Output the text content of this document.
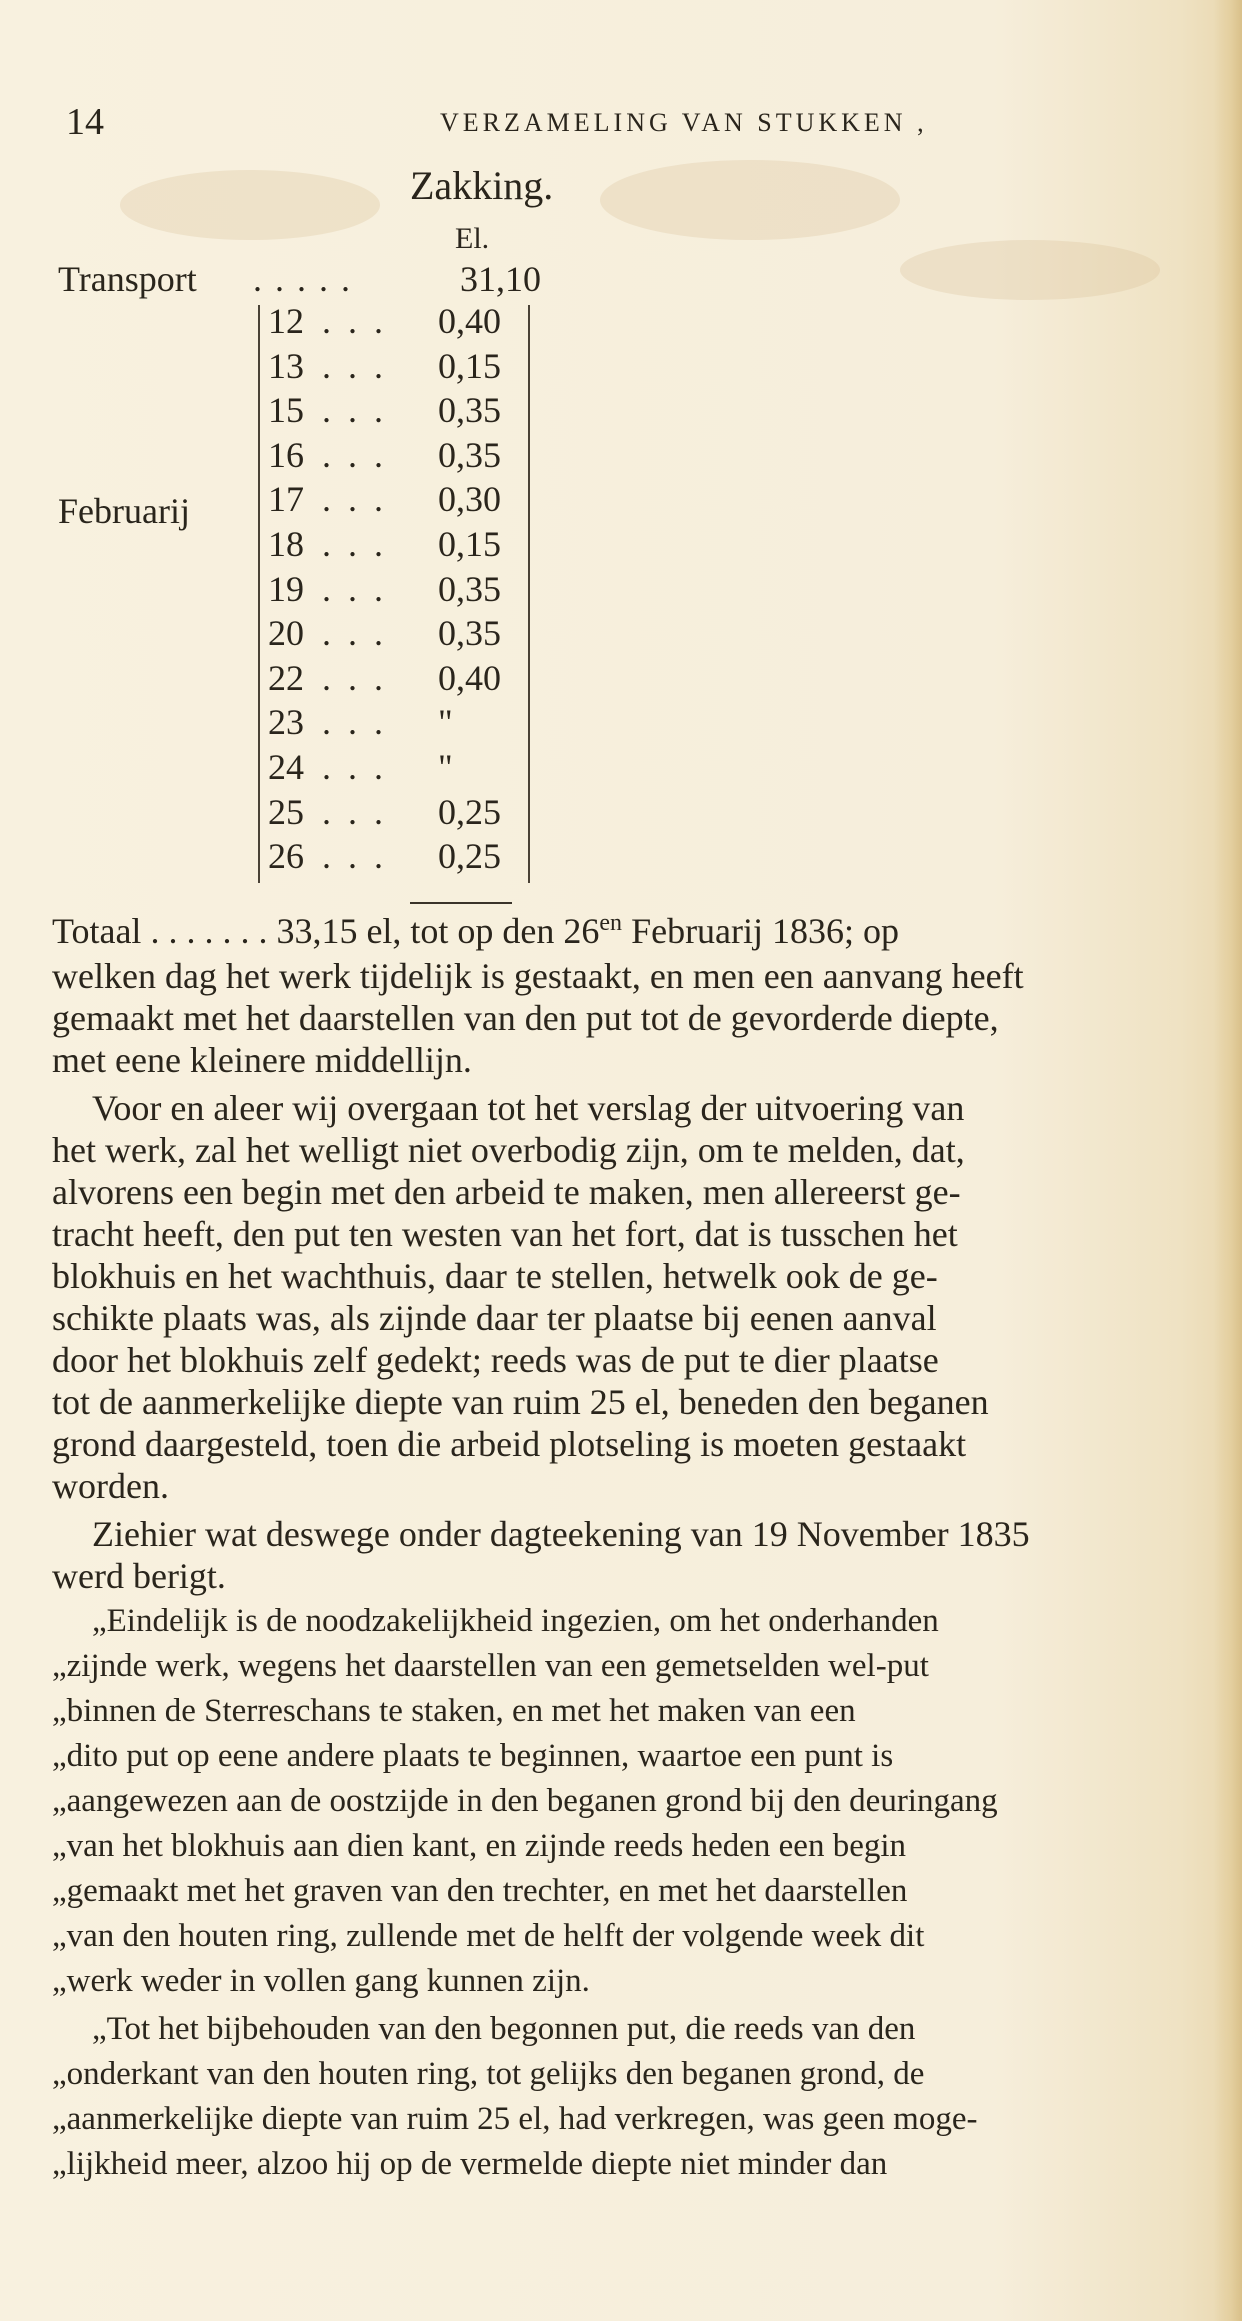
14	VERZAMELING VAN STUKKEN ,
Zakking.
El.

Transport

. . . . .

	31,10

Februarij
12 . . . 0,40
13 . . . 0,15
15 . . . 0,35
16 . . . 0,35
17 . . . 0,30
18 . . . 0,15
19 . . . 0,35
20 . . . 0,35
22 . . . 0,40
23 . . . "
24 . . . "
25 . . . 0,25
26 . . . 0,25
Totaal . . . . . . . 33,15 el, tot op den $26^{en}$ Februarij 1836; op
welken dag het werk tijdelijk is gestaakt, en men een aanvang heeft
gemaakt met het daarstellen van den put tot de gevorderde diepte,
met eene kleinere middellijn.
Voor en aleer wij overgaan tot het verslag der uitvoering van
het werk, zal het welligt niet overbodig zijn, om te melden, dat,
alvorens een begin met den arbeid te maken, men allereerst ge-
tracht heeft, den put ten westen van het fort, dat is tusschen het
blokhuis en het wachthuis, daar te stellen, hetwelk ook de ge-
schikte plaats was, als zijnde daar ter plaatse bij eenen aanval
door het blokhuis zelf gedekt; reeds was de put te dier plaatse
tot de aanmerkelijke diepte van ruim 25 el, beneden den beganen
grond daargesteld, toen die arbeid plotseling is moeten gestaakt
worden.
Ziehier wat deswege onder dagteekening van 19 November 1835
werd berigt.
„Eindelijk is de noodzakelijkheid ingezien, om het onderhanden
„zijnde werk, wegens het daarstellen van een gemetselden wel-put
„binnen de Sterreschans te staken, en met het maken van een
„dito put op eene andere plaats te beginnen, waartoe een punt is
„aangewezen aan de oostzijde in den beganen grond bij den deuringang
„van het blokhuis aan dien kant, en zijnde reeds heden een begin
„gemaakt met het graven van den trechter, en met het daarstellen
„van den houten ring, zullende met de helft der volgende week dit
„werk weder in vollen gang kunnen zijn.
„Tot het bijbehouden van den begonnen put, die reeds van den
„onderkant van den houten ring, tot gelijks den beganen grond, de
„aanmerkelijke diepte van ruim 25 el, had verkregen, was geen moge-
„lijkheid meer, alzoo hij op de vermelde diepte niet minder dan
